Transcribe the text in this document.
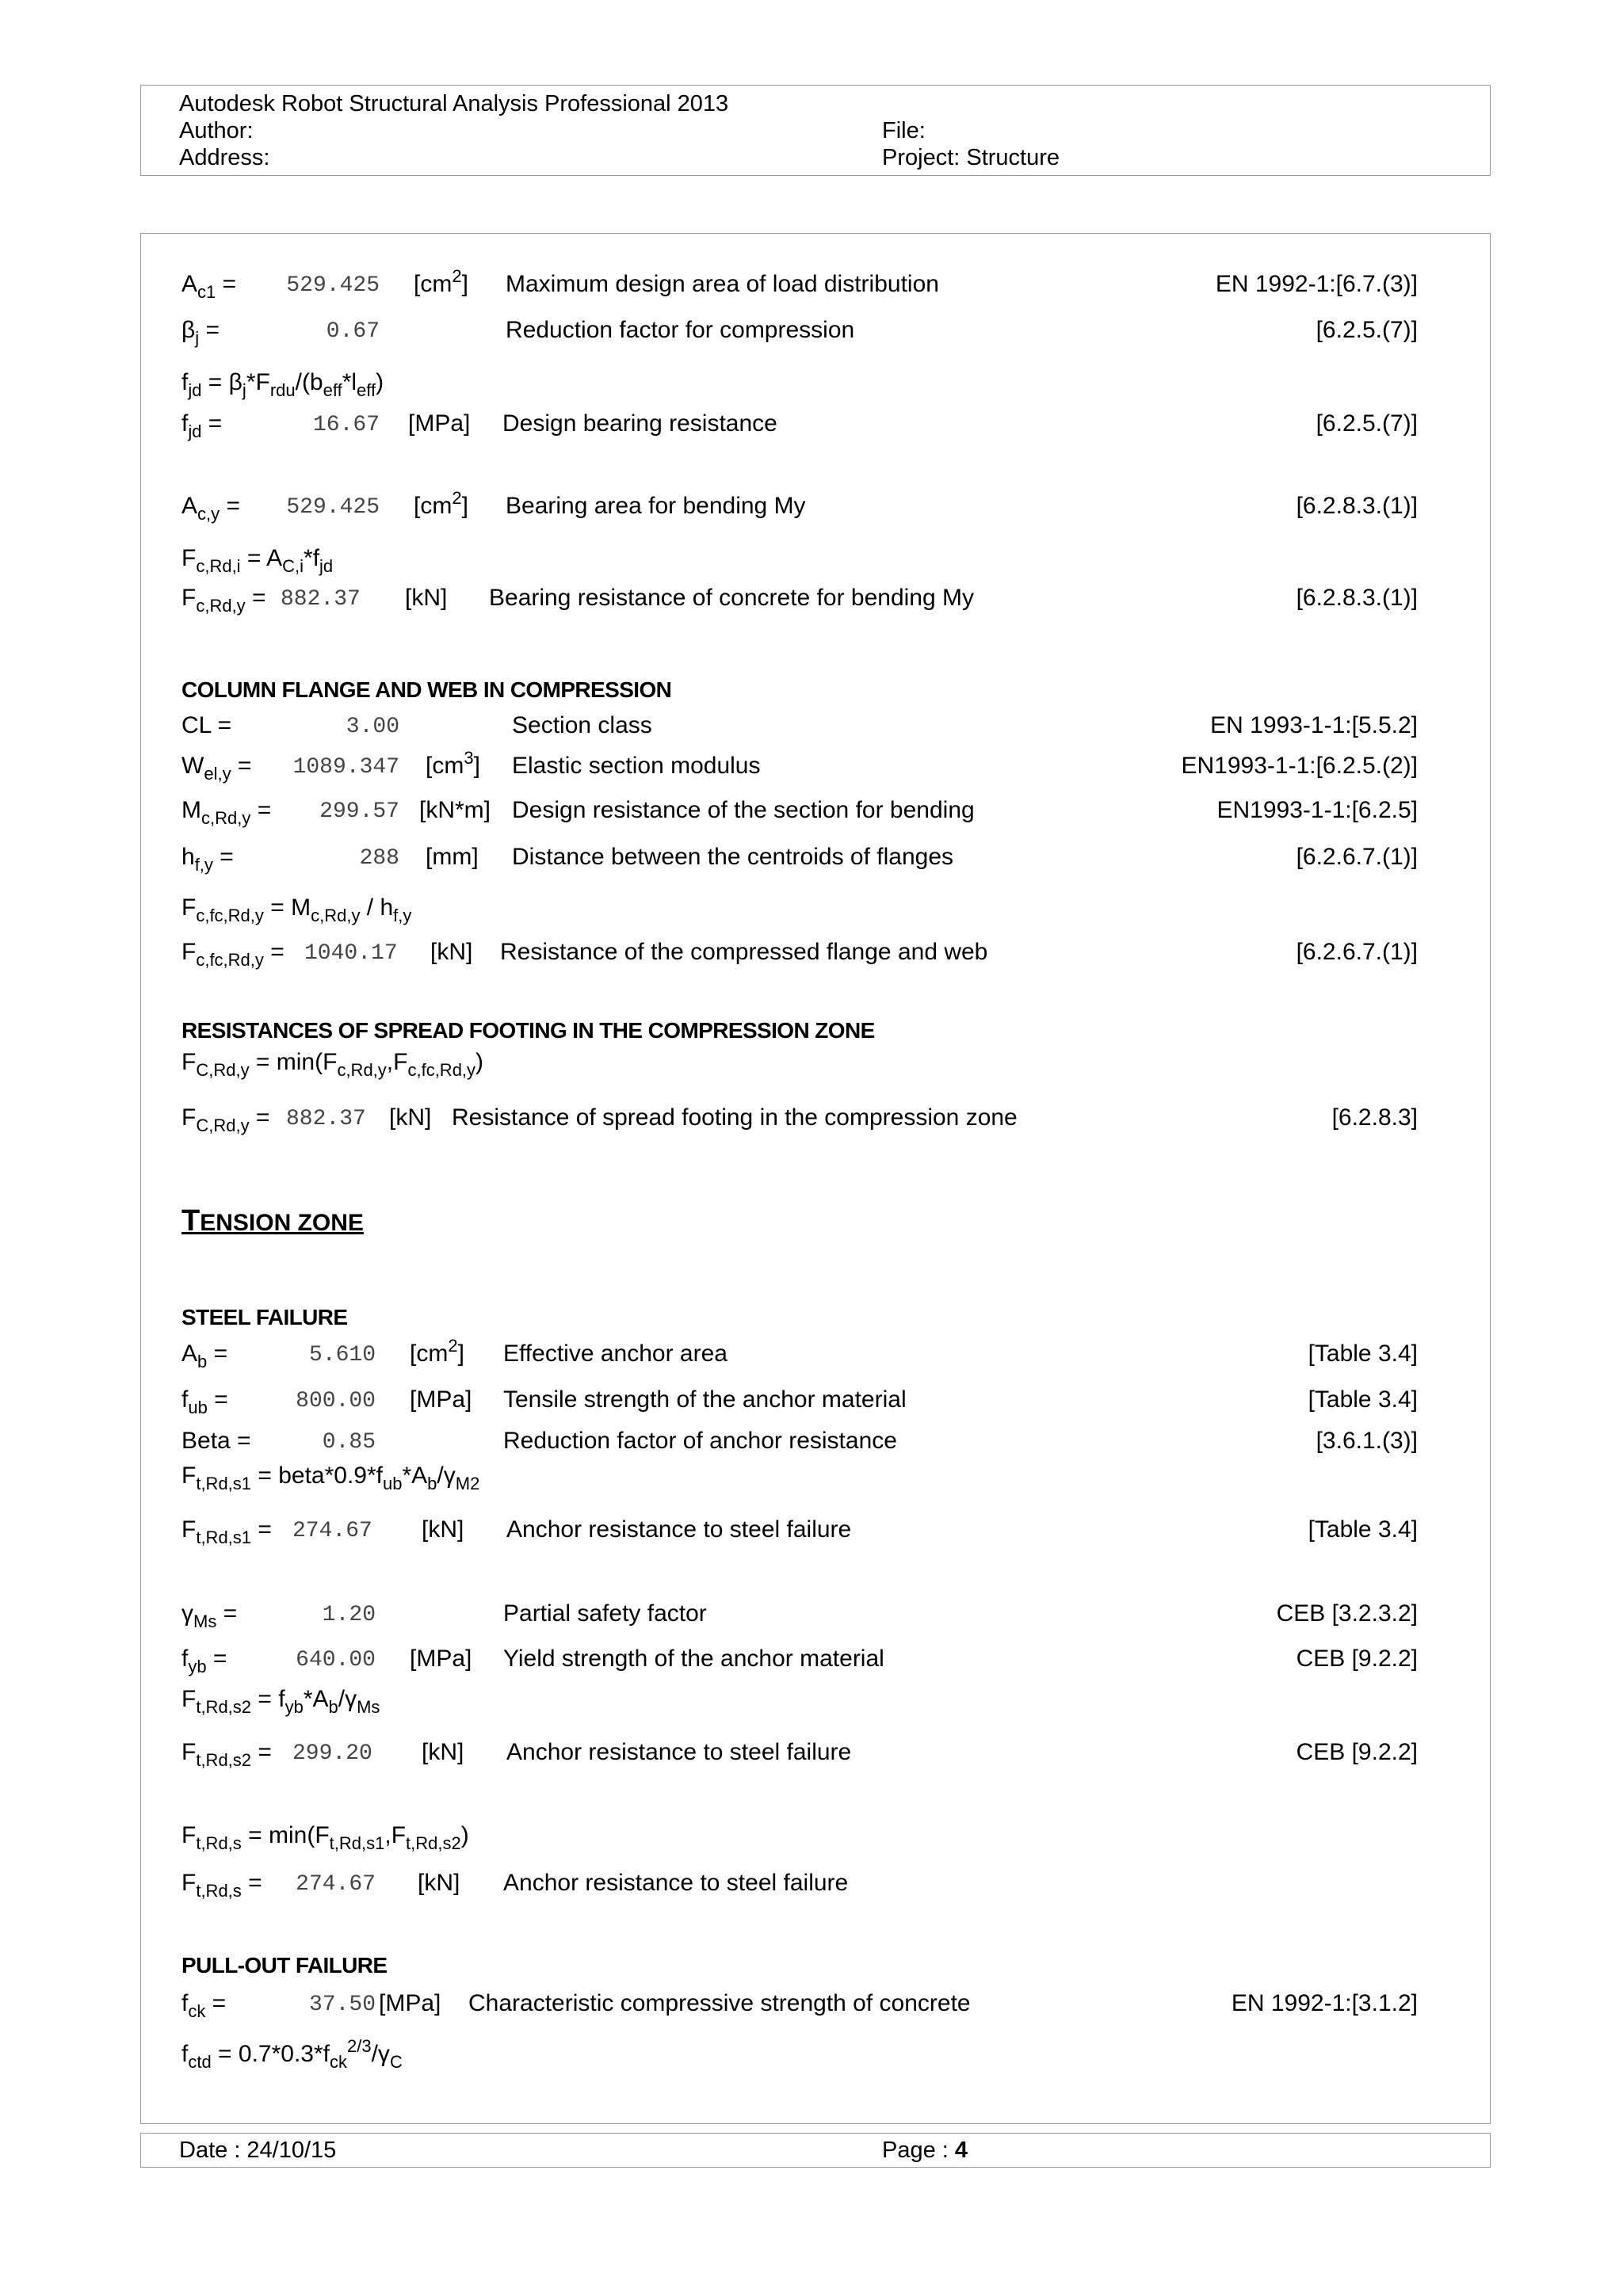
Autodesk Robot Structural Analysis Professional 2013
Author:
Address:
File:
Project: Structure
$A_{c1}$ =	529.425 $[cm^2]$ Maximum design area of load distribution	EN 1992-1:[6.7.(3)]
$\beta_j$ =	0.67	Reduction factor for compression	[6.2.5.(7)]
$f_{jd} = \beta_j*F_{rdu}/(b_{eff}*l_{eff})$
$f_{jd}$ =	16.67 [MPa] Design bearing resistance	[6.2.5.(7)]
$A_{c,y}$ =	529.425 $[cm^2]$ Bearing area for bending My	[6.2.8.3.(1)]
$F_{c,Rd,i} = A_{C,i}*f_{jd}$
$F_{c,Rd,y} = 882.37$	[kN] Bearing resistance of concrete for bending My	[6.2.8.3.(1)]
COLUMN FLANGE AND WEB IN COMPRESSION
CL =	3.00	Section class	EN 1993-1-1:[5.5.2]
$W_{el,y}$ =	1089.347 $[cm^3]$ Elastic section modulus	EN1993-1-1:[6.2.5.(2)]
$M_{c,Rd,y}$ =	299.57 [kN*m] Design resistance of the section for bending	EN1993-1-1:[6.2.5]
$h_{f,y}$ =	288 [mm] Distance between the centroids of flanges	[6.2.6.7.(1)]
$F_{c,fc,Rd,y} = M_{c,Rd,y} / h_{f,y}$
$F_{c,fc,Rd,y} = 1040.17$ [kN] Resistance of the compressed flange and web	[6.2.6.7.(1)]
RESISTANCES OF SPREAD FOOTING IN THE COMPRESSION ZONE
$F_{C,Rd,y} = \min(F_{c,Rd,y},F_{c,fc,Rd,y})$
$F_{C,Rd,y} = 882.37$ [kN] Resistance of spread footing in the compression zone	[6.2.8.3]
TENSION ZONE
STEEL FAILURE
$A_b$ =	5.610 $[cm^2]$ Effective anchor area	[Table 3.4]
$f_{ub}$ =	800.00 [MPa] Tensile strength of the anchor material	[Table 3.4]
Beta =	0.85	Reduction factor of anchor resistance	[3.6.1.(3)]
$F_{t,Rd,s1}$ = $beta*0.9*f_{ub}*A_b/\gamma_{M2}$
$F_{t,Rd,s1} = 274.67$	[kN] Anchor resistance to steel failure	[Table 3.4]
$\gamma_{Ms}$ =	1.20	Partial safety factor	CEB [3.2.3.2]
$f_{yb}$ =	640.00 [MPa] Yield strength of the anchor material	CEB [9.2.2]
$F_{t,Rd,s2} = f_{yb}*A_b/\gamma_{Ms}$
$F_{t,Rd,s2} = 299.20$	[kN] Anchor resistance to steel failure	CEB [9.2.2]
$F_{t,Rd,s} = \min(F_{t,Rd,s1},F_{t,Rd,s2})$
$F_{t,Rd,s}$ =	274.67 [kN] Anchor resistance to steel failure
PULL-OUT FAILURE
$f_{ck}$ =	37.50 [MPa] Characteristic compressive strength of concrete	EN 1992-1:[3.1.2]
$f_{ctd} = 0.7*0.3*f_{ck}^{2/3}/\gamma_C$
Date : 24/10/15	Page : 4
